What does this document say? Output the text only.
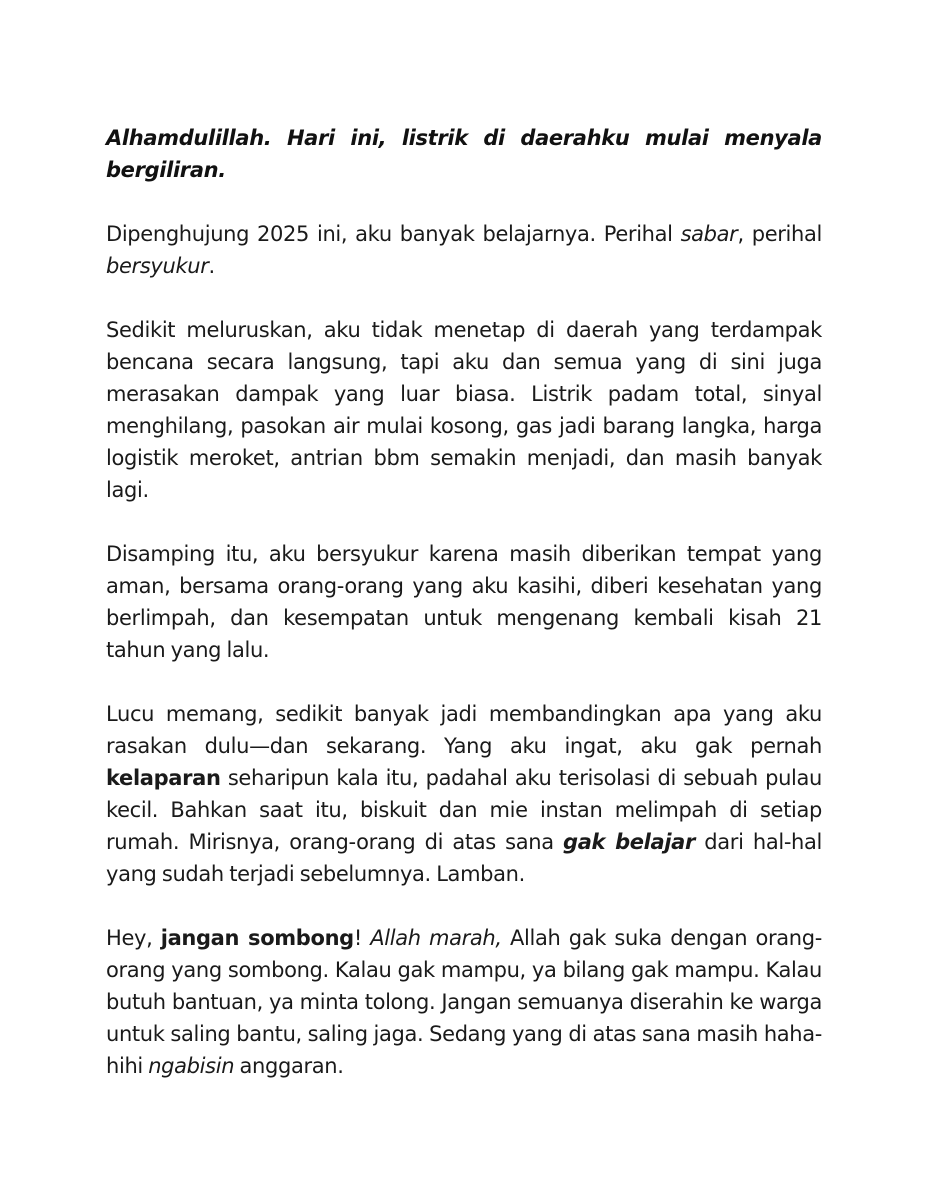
Alhamdulillah. Hari ini, listrik di daerahku mulai menyala bergiliran.

Dipenghujung 2025 ini, aku banyak belajarnya. Perihal sabar, perihal bersyukur.

Sedikit meluruskan, aku tidak menetap di daerah yang terdampak bencana secara langsung, tapi aku dan semua yang di sini juga merasakan dampak yang luar biasa. Listrik padam total, sinyal menghilang, pasokan air mulai kosong, gas jadi barang langka, harga logistik meroket, antrian bbm semakin menjadi, dan masih banyak lagi.

Disamping itu, aku bersyukur karena masih diberikan tempat yang aman, bersama orang-orang yang aku kasihi, diberi kesehatan yang berlimpah, dan kesempatan untuk mengenang kembali kisah 21 tahun yang lalu.

Lucu memang, sedikit banyak jadi membandingkan apa yang aku rasakan dulu—dan sekarang. Yang aku ingat, aku gak pernah kelaparan seharipun kala itu, padahal aku terisolasi di sebuah pulau kecil. Bahkan saat itu, biskuit dan mie instan melimpah di setiap rumah. Mirisnya, orang-orang di atas sana gak belajar dari hal-hal yang sudah terjadi sebelumnya. Lamban.

Hey, jangan sombong! Allah marah, Allah gak suka dengan orang-orang yang sombong. Kalau gak mampu, ya bilang gak mampu. Kalau butuh bantuan, ya minta tolong. Jangan semuanya diserahin ke warga untuk saling bantu, saling jaga. Sedang yang di atas sana masih haha-hihi ngabisin anggaran.
